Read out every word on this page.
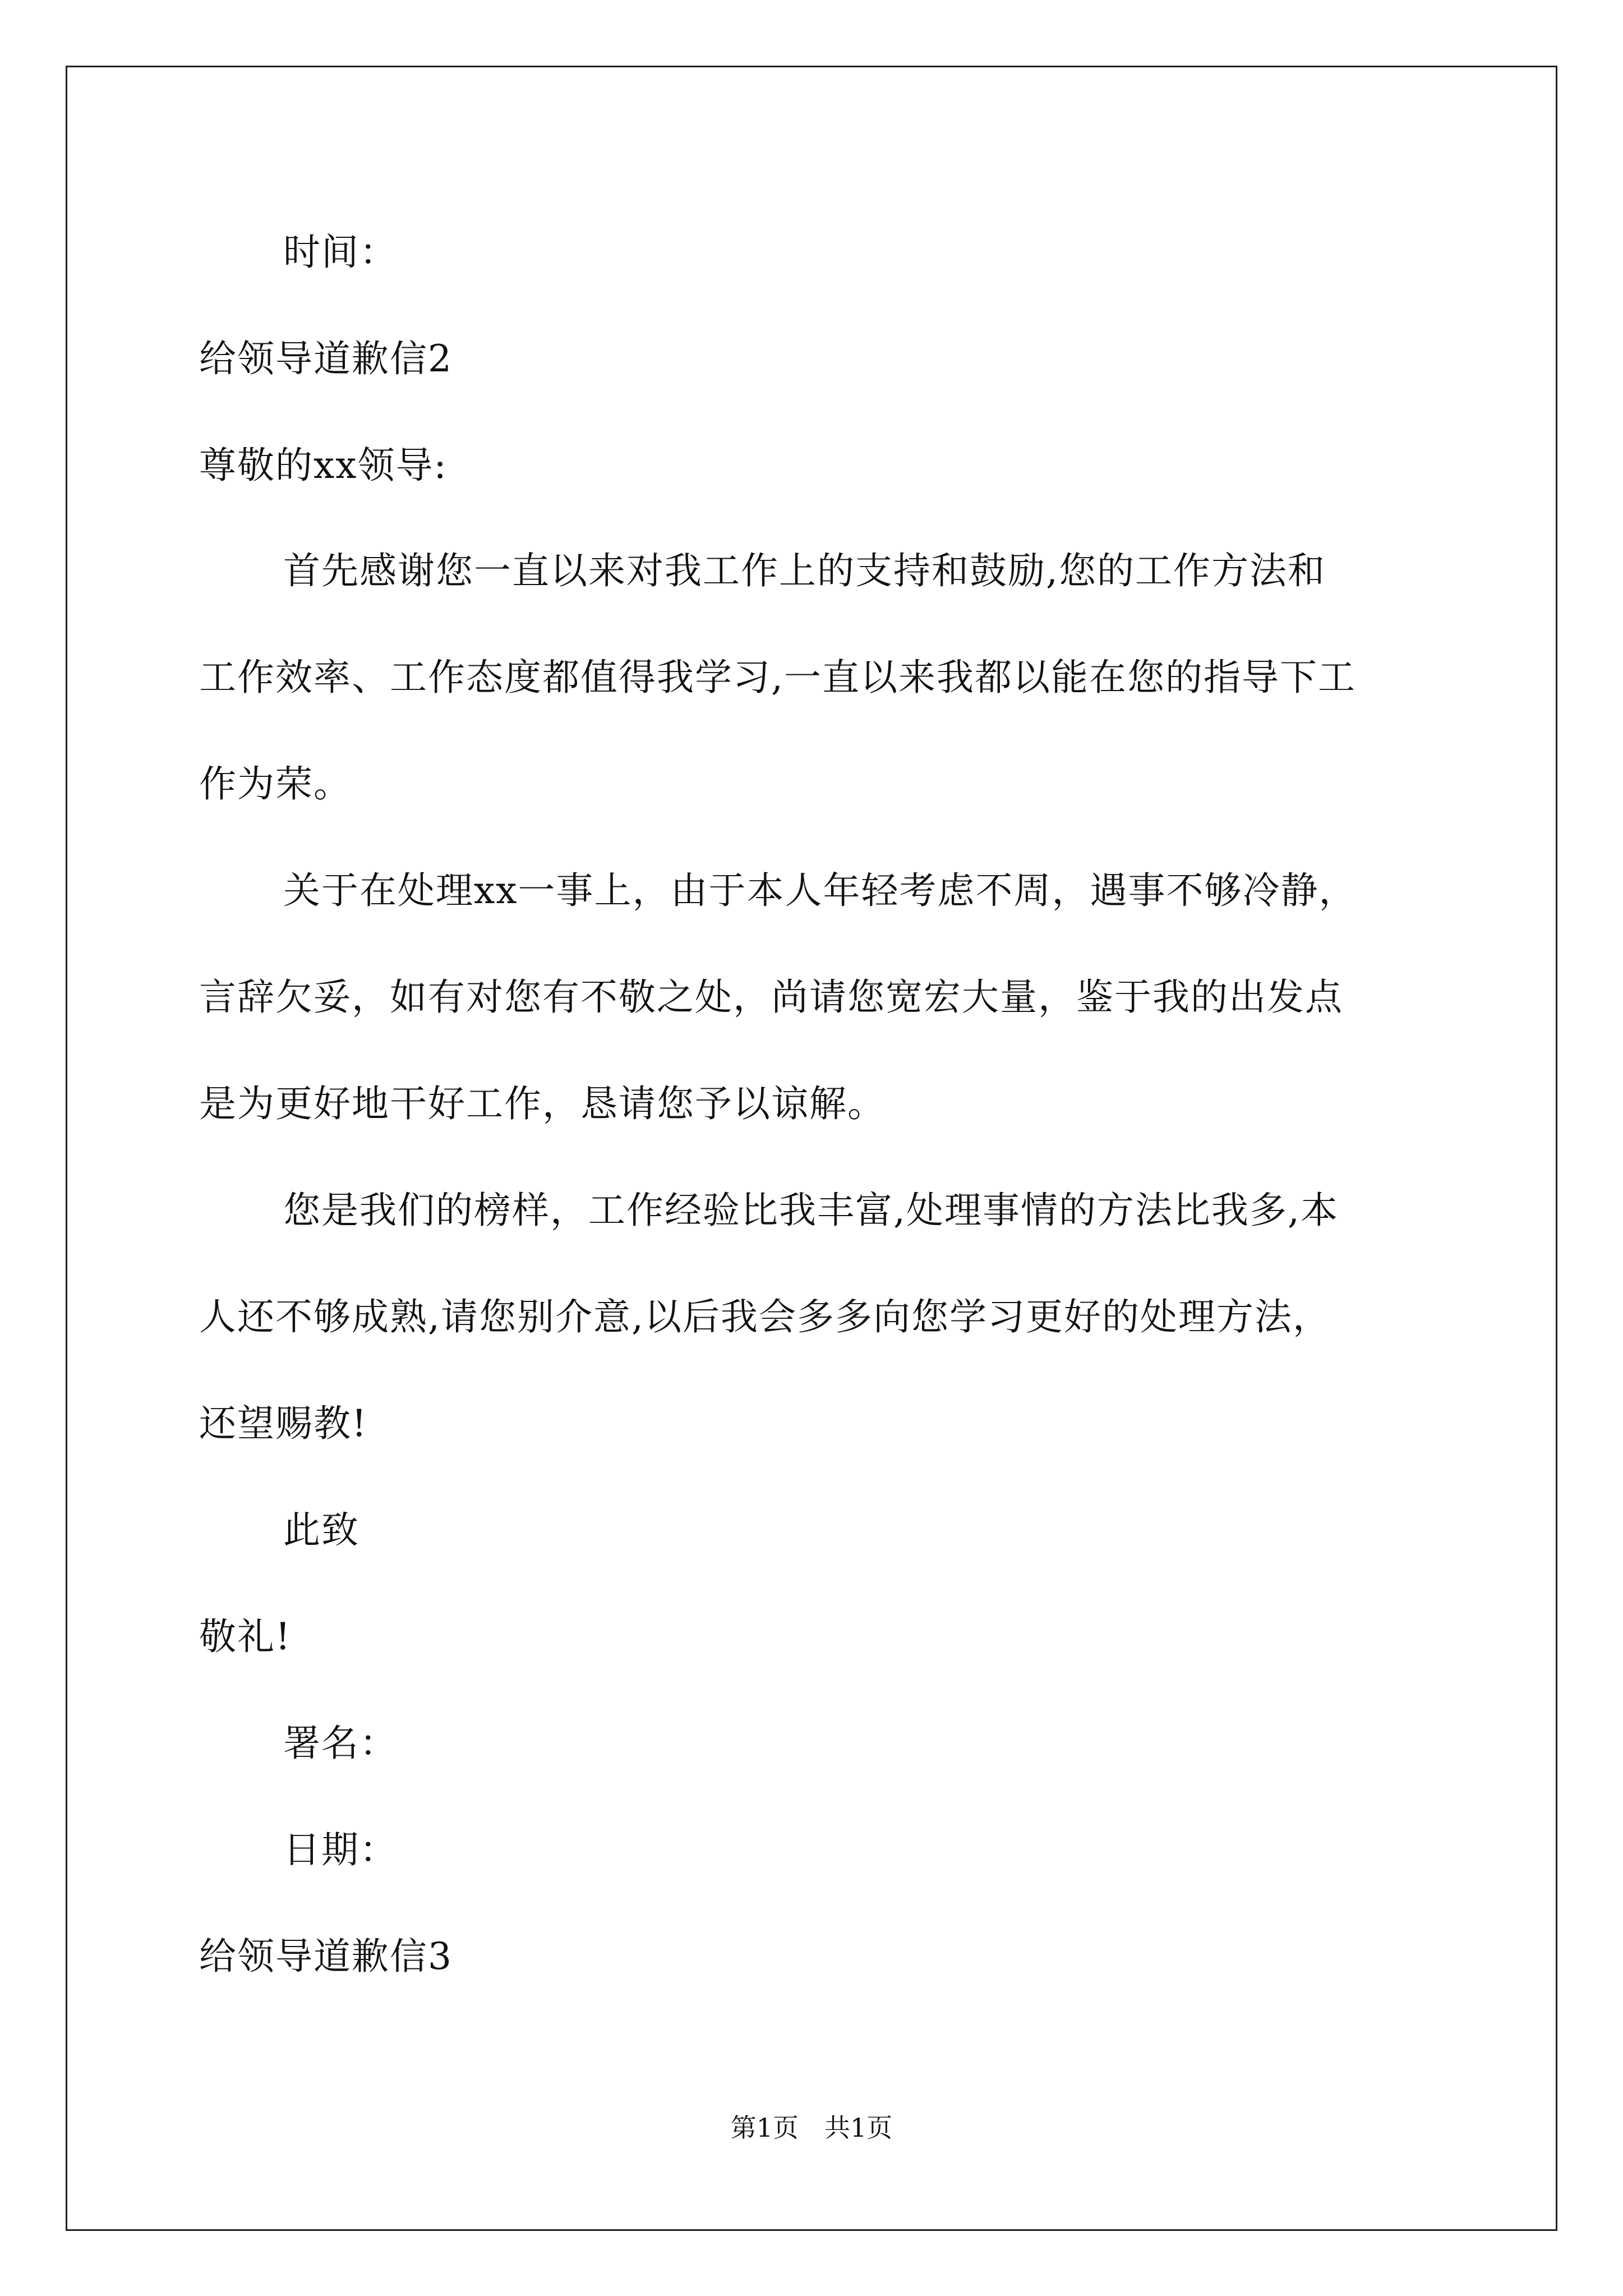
时间：
给领导道歉信2
尊敬的xx领导:
首先感谢您一直以来对我工作上的支持和鼓励,您的工作方法和
工作效率、工作态度都值得我学习,一直以来我都以能在您的指导下工
作为荣。
关于在处理xx一事上，由于本人年轻考虑不周，遇事不够冷静，
言辞欠妥，如有对您有不敬之处，尚请您宽宏大量，鉴于我的出发点
是为更好地干好工作，恳请您予以谅解。
您是我们的榜样，工作经验比我丰富,处理事情的方法比我多,本
人还不够成熟,请您别介意,以后我会多多向您学习更好的处理方法，
还望赐教!
此致
敬礼!
署名：
日期：
给领导道歉信3
第1页　共1页
